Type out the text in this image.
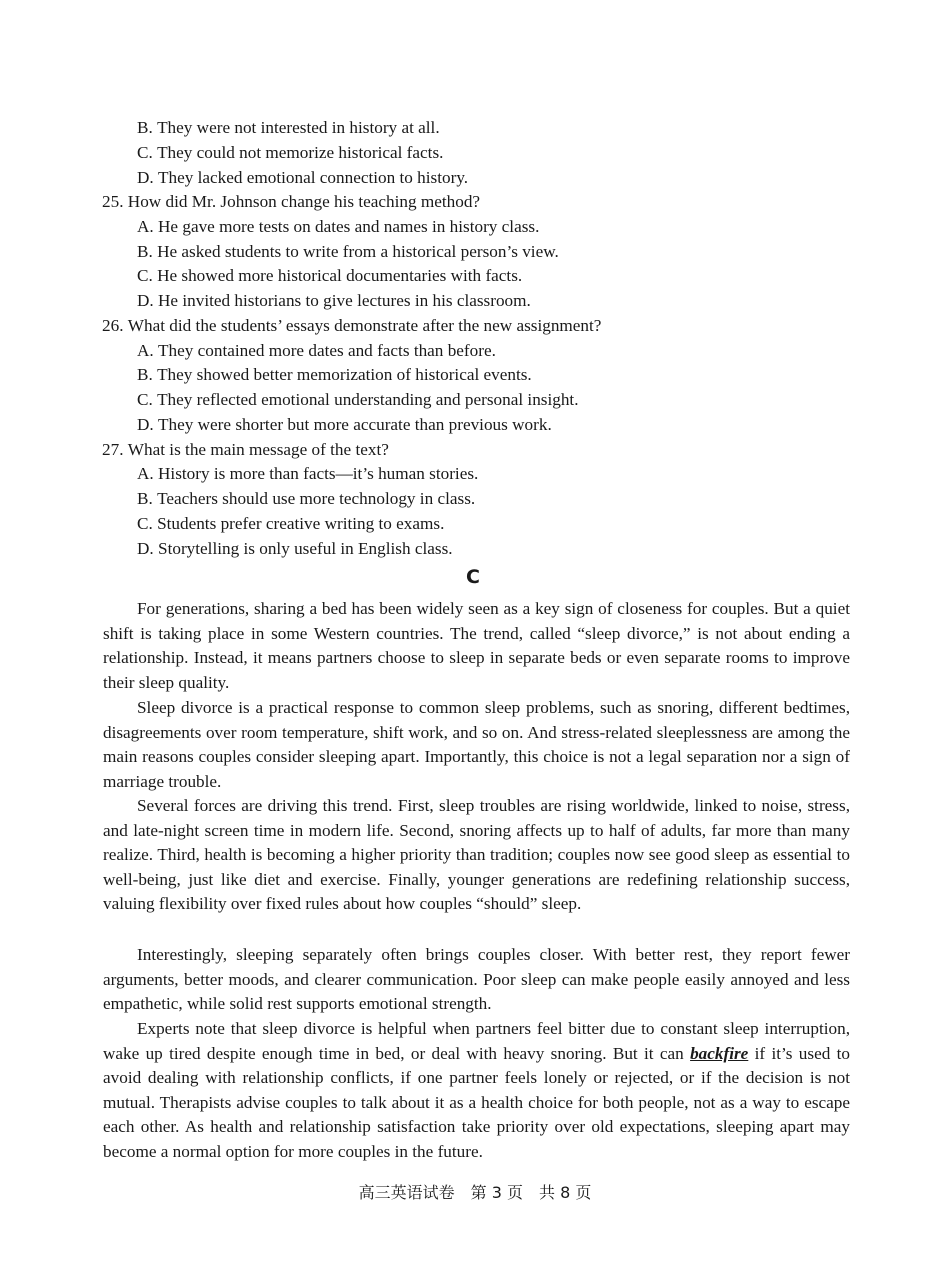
B. They were not interested in history at all.
C. They could not memorize historical facts.
D. They lacked emotional connection to history.
25. How did Mr. Johnson change his teaching method?
A. He gave more tests on dates and names in history class.
B. He asked students to write from a historical person’s view.
C. He showed more historical documentaries with facts.
D. He invited historians to give lectures in his classroom.
26. What did the students’ essays demonstrate after the new assignment?
A. They contained more dates and facts than before.
B. They showed better memorization of historical events.
C. They reflected emotional understanding and personal insight.
D. They were shorter but more accurate than previous work.
27. What is the main message of the text?
A. History is more than facts—it’s human stories.
B. Teachers should use more technology in class.
C. Students prefer creative writing to exams.
D. Storytelling is only useful in English class.
C

For generations, sharing a bed has been widely seen as a key sign of closeness for couples. But a quiet shift is taking place in some Western countries. The trend, called “sleep divorce,” is not about ending a relationship. Instead, it means partners choose to sleep in separate beds or even separate rooms to improve their sleep quality.

Sleep divorce is a practical response to common sleep problems, such as snoring, different bedtimes, disagreements over room temperature, shift work, and so on. And stress-related sleeplessness are among the main reasons couples consider sleeping apart. Importantly, this choice is not a legal separation nor a sign of marriage trouble.

Several forces are driving this trend. First, sleep troubles are rising worldwide, linked to noise, stress, and late-night screen time in modern life. Second, snoring affects up to half of adults, far more than many realize. Third, health is becoming a higher priority than tradition; couples now see good sleep as essential to well-being, just like diet and exercise. Finally, younger generations are redefining relationship success, valuing flexibility over fixed rules about how couples “should” sleep.

Interestingly, sleeping separately often brings couples closer. With better rest, they report fewer arguments, better moods, and clearer communication. Poor sleep can make people easily annoyed and less empathetic, while solid rest supports emotional strength.

Experts note that sleep divorce is helpful when partners feel bitter due to constant sleep interruption, wake up tired despite enough time in bed, or deal with heavy snoring. But it can backfire if it’s used to avoid dealing with relationship conflicts, if one partner feels lonely or rejected, or if the decision is not mutual. Therapists advise couples to talk about it as a health choice for both people, not as a way to escape each other. As health and relationship satisfaction take priority over old expectations, sleeping apart may become a normal option for more couples in the future.

高三英语试卷　第 3 页　共 8 页
